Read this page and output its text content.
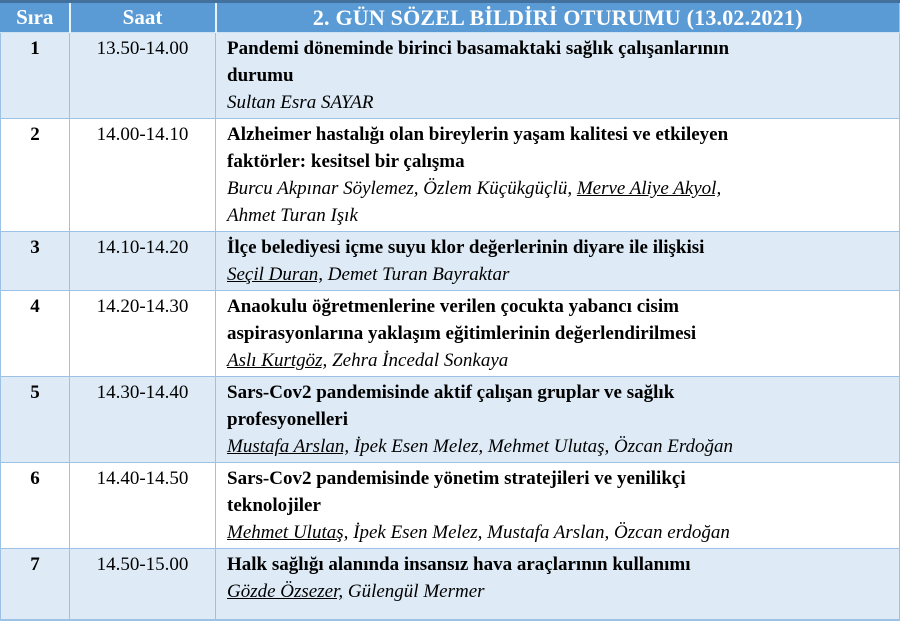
Sıra	Saat	2. GÜN SÖZEL BİLDİRİ OTURUMU (13.02.2021)
1	13.50-14.00	Pandemi döneminde birinci basamaktaki sağlık çalışanlarının
durumu
Sultan Esra SAYAR

2	14.00-14.10	Alzheimer hastalığı olan bireylerin yaşam kalitesi ve etkileyen
faktörler: kesitsel bir çalışma
Burcu Akpınar Söylemez, Özlem Küçükgüçlü, Merve Aliye Akyol,
Ahmet Turan Işık

3	14.10-14.20	İlçe belediyesi içme suyu klor değerlerinin diyare ile ilişkisi
Seçil Duran, Demet Turan Bayraktar

4	14.20-14.30	Anaokulu öğretmenlerine verilen çocukta yabancı cisim
aspirasyonlarına yaklaşım eğitimlerinin değerlendirilmesi
Aslı Kurtgöz, Zehra İncedal Sonkaya

5	14.30-14.40	Sars-Cov2 pandemisinde aktif çalışan gruplar ve sağlık
profesyonelleri
Mustafa Arslan, İpek Esen Melez, Mehmet Ulutaş, Özcan Erdoğan

6	14.40-14.50	Sars-Cov2 pandemisinde yönetim stratejileri ve yenilikçi
teknolojiler
Mehmet Ulutaş, İpek Esen Melez, Mustafa Arslan, Özcan erdoğan

7	14.50-15.00	Halk sağlığı alanında insansız hava araçlarının kullanımı
Gözde Özsezer, Gülengül Mermer
